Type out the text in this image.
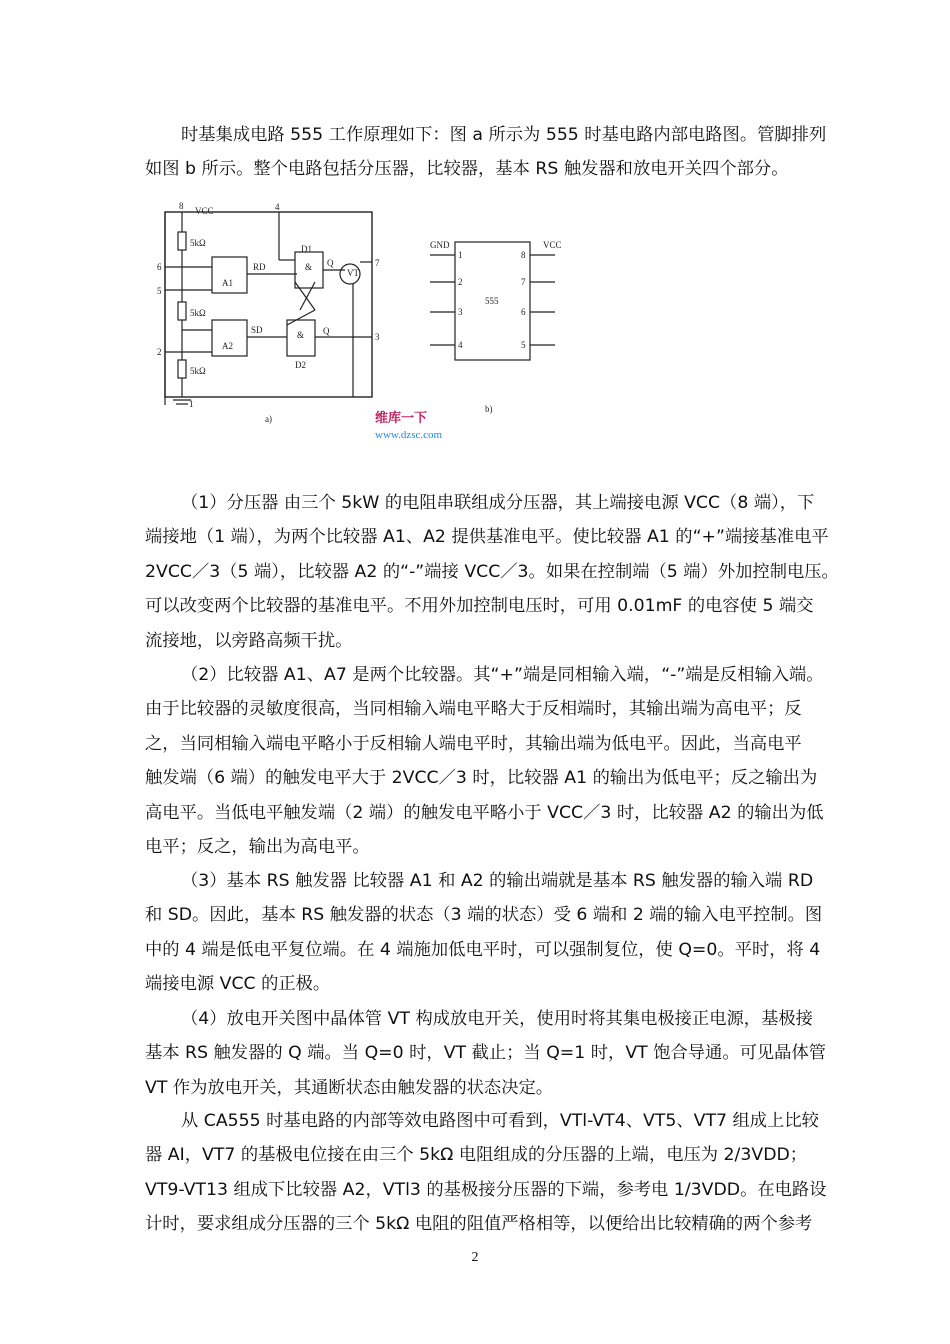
时基集成电路 555 工作原理如下：图 a 所示为 555 时基电路内部电路图。管脚排列
如图 b 所示。整个电路包括分压器，比较器，基本 RS 触发器和放电开关四个部分。

VCC
5kΩ
5kΩ
5kΩ
A1
A2
RD
SD
D1
D2
&
&
Q
Q
VT
555
GND	VCC
a)
b)
8	4
6
5
2
1
7
3
1
2
3
4
8
7
6
5
维库一下
www.dzsc.com

（1）分压器 由三个 5kW 的电阻串联组成分压器，其上端接电源 VCC（8 端），下
端接地（1 端），为两个比较器 A1、A2 提供基准电平。使比较器 A1 的“+”端接基准电平
2VCC／3（5 端），比较器 A2 的“-”端接 VCC／3。如果在控制端（5 端）外加控制电压。
可以改变两个比较器的基准电平。不用外加控制电压时，可用 0.01mF 的电容使 5 端交
流接地，以旁路高频干扰。

（2）比较器 A1、A7 是两个比较器。其“+”端是同相输入端，“-”端是反相输入端。
由于比较器的灵敏度很高，当同相输入端电平略大于反相端时，其输出端为高电平；反
之，当同相输入端电平略小于反相输人端电平时，其输出端为低电平。因此，当高电平
触发端（6 端）的触发电平大于 2VCC／3 时，比较器 A1 的输出为低电平；反之输出为
高电平。当低电平触发端（2 端）的触发电平略小于 VCC／3 时，比较器 A2 的输出为低
电平；反之，输出为高电平。

（3）基本 RS 触发器 比较器 A1 和 A2 的输出端就是基本 RS 触发器的输入端 RD
和 SD。因此，基本 RS 触发器的状态（3 端的状态）受 6 端和 2 端的输入电平控制。图
中的 4 端是低电平复位端。在 4 端施加低电平时，可以强制复位，使 Q=0。平时，将 4
端接电源 VCC 的正极。

（4）放电开关图中晶体管 VT 构成放电开关，使用时将其集电极接正电源，基极接
基本 RS 触发器的 Q 端。当 Q=0 时，VT 截止；当 Q=1 时，VT 饱合导通。可见晶体管
VT 作为放电开关，其通断状态由触发器的状态决定。

从 CA555 时基电路的内部等效电路图中可看到，VTl-VT4、VT5、VT7 组成上比较
器 AI，VT7 的基极电位接在由三个 5kΩ 电阻组成的分压器的上端，电压为 2/3VDD；
VT9-VT13 组成下比较器 A2，VTl3 的基极接分压器的下端，参考电 1/3VDD。在电路设
计时，要求组成分压器的三个 5kΩ 电阻的阻值严格相等，以便给出比较精确的两个参考

2
